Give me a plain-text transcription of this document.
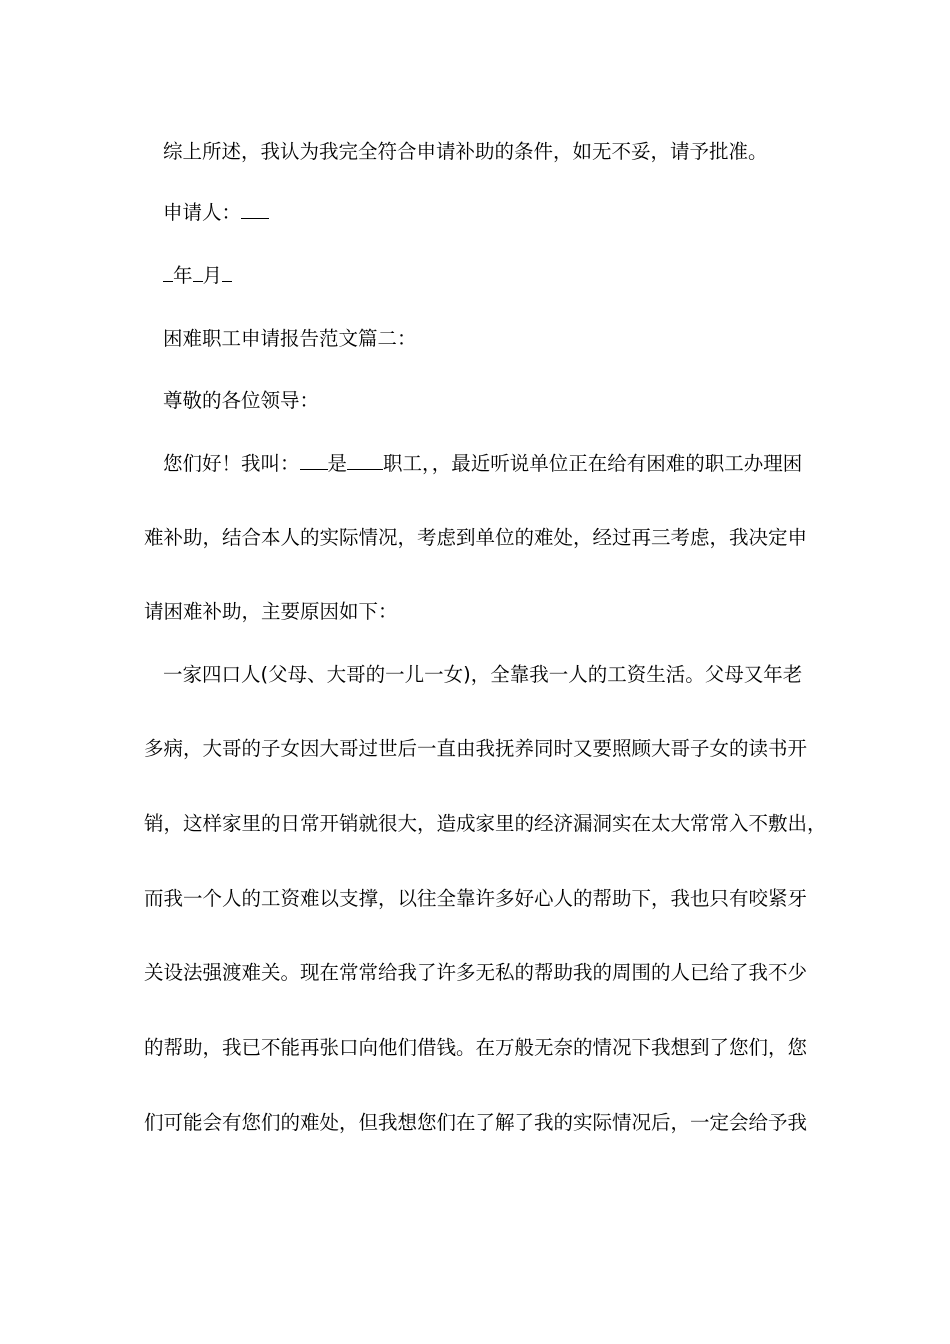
综上所述，我认为我完全符合申请补助的条件，如无不妥，请予批准。
申请人：
年 月
困难职工申请报告范文篇二：
尊敬的各位领导：
您们好！我叫： 是 职工，，最近听说单位正在给有困难的职工办理困
难补助，结合本人的实际情况，考虑到单位的难处，经过再三考虑，我决定申
请困难补助，主要原因如下：
一家四口人(父母、大哥的一儿一女)，全靠我一人的工资生活。父母又年老
多病，大哥的子女因大哥过世后一直由我抚养同时又要照顾大哥子女的读书开
销，这样家里的日常开销就很大，造成家里的经济漏洞实在太大常常入不敷出，
而我一个人的工资难以支撑，以往全靠许多好心人的帮助下，我也只有咬紧牙
关设法强渡难关。现在常常给我了许多无私的帮助我的周围的人已给了我不少
的帮助，我已不能再张口向他们借钱。在万般无奈的情况下我想到了您们，您
们可能会有您们的难处，但我想您们在了解了我的实际情况后，一定会给予我
